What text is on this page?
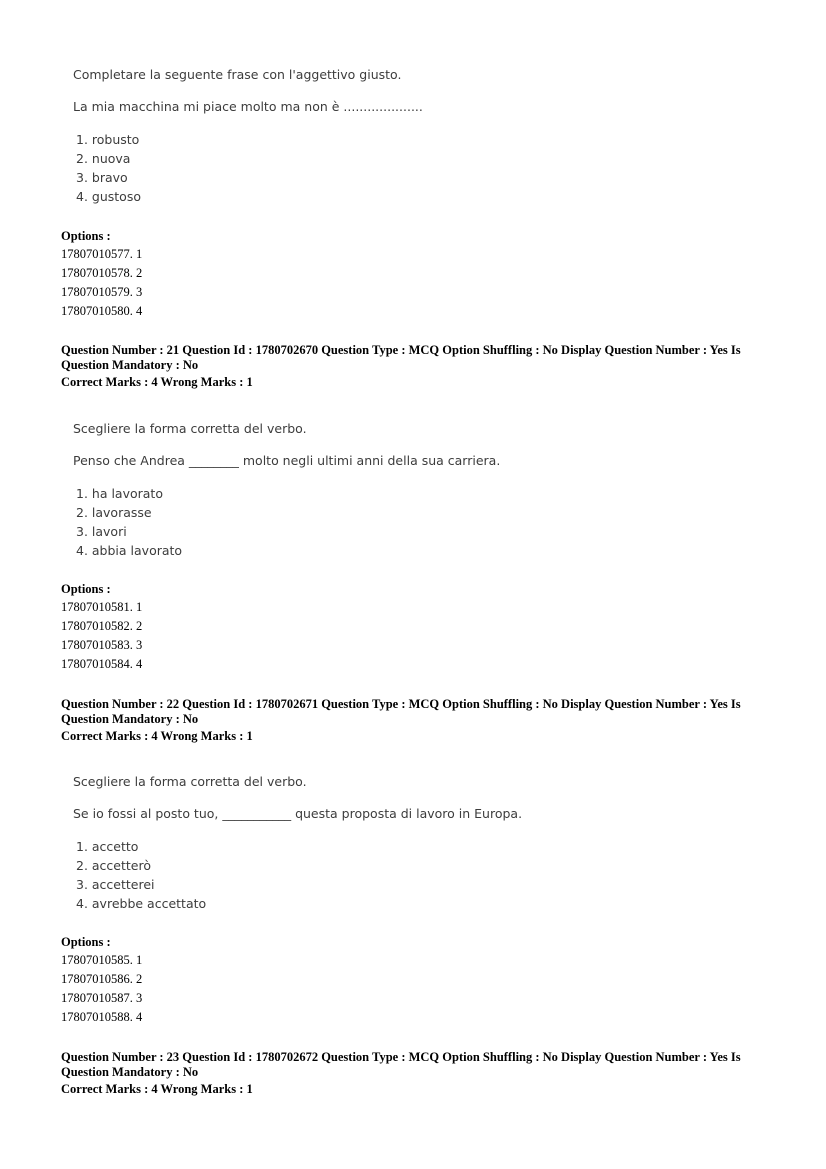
Completare la seguente frase con l'aggettivo giusto.

La mia macchina mi piace molto ma non è ....................

1. robusto
2. nuova
3. bravo
4. gustoso
Options :
17807010577. 1
17807010578. 2
17807010579. 3
17807010580. 4
Question Number : 21 Question Id : 1780702670 Question Type : MCQ Option Shuffling : No Display Question Number : Yes Is
Question Mandatory : No
Correct Marks : 4 Wrong Marks : 1

Scegliere la forma corretta del verbo.

Penso che Andrea ________ molto negli ultimi anni della sua carriera.

1. ha lavorato
2. lavorasse
3. lavori
4. abbia lavorato
Options :
17807010581. 1
17807010582. 2
17807010583. 3
17807010584. 4
Question Number : 22 Question Id : 1780702671 Question Type : MCQ Option Shuffling : No Display Question Number : Yes Is
Question Mandatory : No
Correct Marks : 4 Wrong Marks : 1

Scegliere la forma corretta del verbo.

Se io fossi al posto tuo, ___________ questa proposta di lavoro in Europa.

1. accetto
2. accetterò
3. accetterei
4. avrebbe accettato
Options :
17807010585. 1
17807010586. 2
17807010587. 3
17807010588. 4
Question Number : 23 Question Id : 1780702672 Question Type : MCQ Option Shuffling : No Display Question Number : Yes Is
Question Mandatory : No
Correct Marks : 4 Wrong Marks : 1
